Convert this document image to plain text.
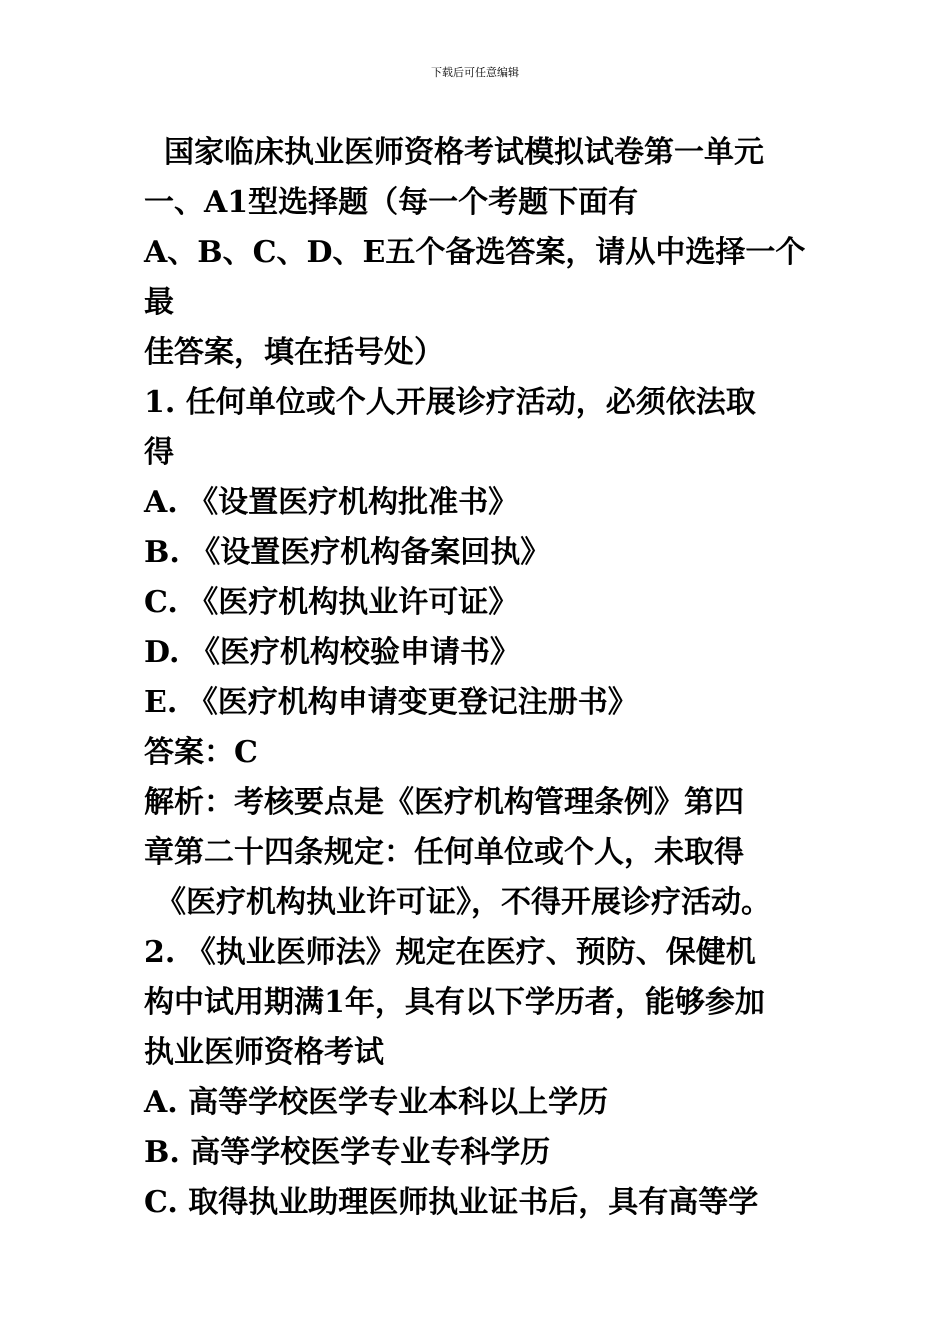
下载后可任意编辑
国家临床执业医师资格考试模拟试卷第一单元
一、A1型选择题（每一个考题下面有
A、B、C、D、E五个备选答案，请从中选择一个
最
佳答案，填在括号处）
1. 任何单位或个人开展诊疗活动，必须依法取
得
A. 《设置医疗机构批准书》
B. 《设置医疗机构备案回执》
C. 《医疗机构执业许可证》
D. 《医疗机构校验申请书》
E. 《医疗机构申请变更登记注册书》
答案：C
解析：考核要点是《医疗机构管理条例》第四
章第二十四条规定：任何单位或个人，未取得
《医疗机构执业许可证》，不得开展诊疗活动。
2. 《执业医师法》规定在医疗、预防、保健机
构中试用期满1年，具有以下学历者，能够参加
执业医师资格考试
A. 高等学校医学专业本科以上学历
B. 高等学校医学专业专科学历
C. 取得执业助理医师执业证书后，具有高等学
